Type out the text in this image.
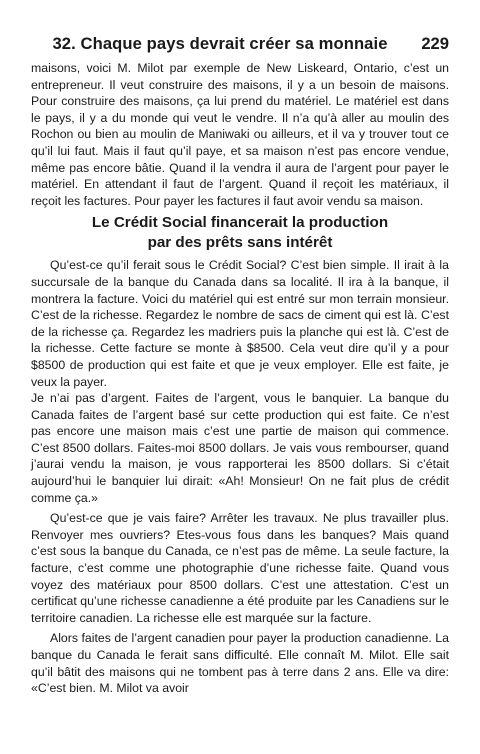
32. Chaque pays devrait créer sa monnaie	229

maisons, voici M. Milot par exemple de New Liskeard, Ontario, c’est un entrepreneur. Il veut construire des maisons, il y a un besoin de maisons. Pour construire des maisons, ça lui prend du matériel. Le matériel est dans le pays, il y a du monde qui veut le vendre. Il n’a qu’à aller au moulin des Rochon ou bien au moulin de Maniwaki ou ailleurs, et il va y trouver tout ce qu’il lui faut. Mais il faut qu’il paye, et sa maison n’est pas encore vendue, même pas encore bâtie. Quand il la vendra il aura de l’argent pour payer le matériel. En attendant il faut de l’argent. Quand il reçoit les matériaux, il reçoit les factures. Pour payer les factures il faut avoir vendu sa maison.

Le Crédit Social financerait la production
par des prêts sans intérêt

Qu’est-ce qu’il ferait sous le Crédit Social? C’est bien simple. Il irait à la succursale de la banque du Canada dans sa localité. Il ira à la banque, il montrera la facture. Voici du matériel qui est entré sur mon terrain monsieur. C’est de la richesse. Regardez le nombre de sacs de ciment qui est là. C’est de la richesse ça. Regardez les madriers puis la planche qui est là. C’est de la richesse. Cette facture se monte à $8500. Cela veut dire qu’il y a pour $8500 de production qui est faite et que je veux employer. Elle est faite, je veux la payer.

Je n’ai pas d’argent. Faites de l’argent, vous le banquier. La banque du Canada faites de l’argent basé sur cette production qui est faite. Ce n’est pas encore une maison mais c’est une partie de maison qui commence. C’est 8500 dollars. Faites-moi 8500 dollars. Je vais vous rembourser, quand j’aurai vendu la maison, je vous rapporterai les 8500 dollars. Si c’était aujourd’hui le banquier lui dirait: «Ah! Monsieur! On ne fait plus de crédit comme ça.»

Qu’est-ce que je vais faire? Arrêter les travaux. Ne plus travailler plus. Renvoyer mes ouvriers? Etes-vous fous dans les banques? Mais quand c’est sous la banque du Canada, ce n’est pas de même. La seule facture, la facture, c’est comme une photographie d’une richesse faite. Quand vous voyez des matériaux pour 8500 dollars. C’est une attestation. C’est un certificat qu’une richesse canadienne a été produite par les Canadiens sur le territoire canadien. La richesse elle est marquée sur la facture.

Alors faites de l’argent canadien pour payer la production canadienne. La banque du Canada le ferait sans difficulté. Elle connaît M. Milot. Elle sait qu’il bâtit des maisons qui ne tombent pas à terre dans 2 ans. Elle va dire: «C’est bien. M. Milot va avoir
